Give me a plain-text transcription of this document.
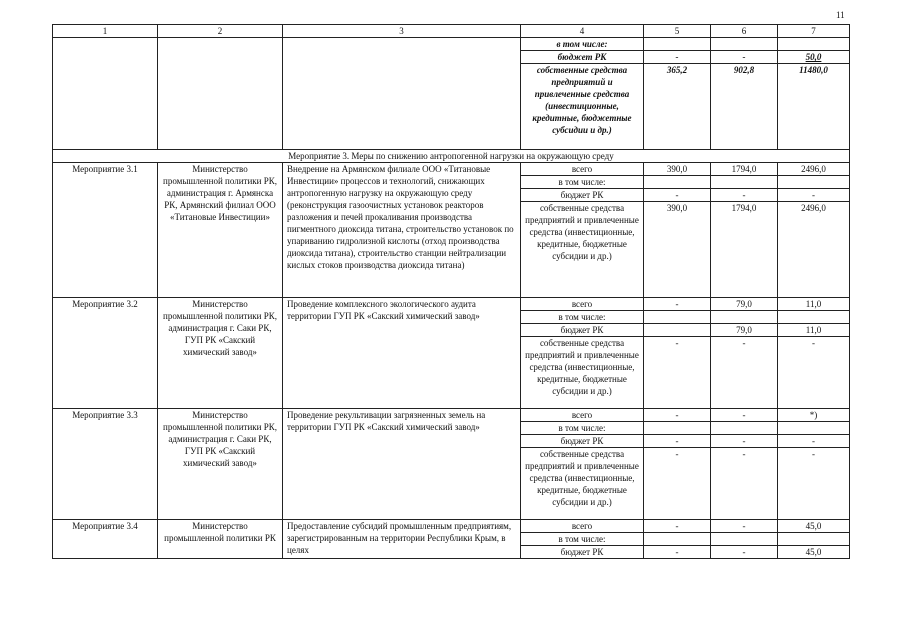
11
1	2	3	4	5	6	7
			в том числе:			
			бюджет РК	-	-	50,0
			собственные средства предприятий и привлеченные средства (инвестиционные, кредитные, бюджетные субсидии и др.)	365,2	902,8	11480,0
Мероприятие 3. Меры по снижению антропогенной нагрузки на окружающую среду						
Мероприятие 3.1	Министерство промышленной политики РК, администрация г. Армянска РК, Армянский филиал ООО «Титановые Инвестиции»	Внедрение на Армянском филиале ООО «Титановые Инвестиции» процессов и технологий, снижающих антропогенную нагрузку на окружающую среду (реконструкция газоочистных установок реакторов разложения и печей прокаливания производства пигментного диоксида титана, строительство установок по упариванию гидролизной кислоты (отход производства диоксида титана), строительство станции нейтрализации кислых стоков производства диоксида титана)	всего	390,0	1794,0	2496,0
			в том числе:			
			бюджет РК	-	-	-
			собственные средства предприятий и привлеченные средства (инвестиционные, кредитные, бюджетные субсидии и др.)	390,0	1794,0	2496,0
Мероприятие 3.2	Министерство промышленной политики РК, администрация г. Саки РК, ГУП РК «Сакский химический завод»	Проведение комплексного экологического аудита территории ГУП РК «Сакский химический завод»	всего	-	79,0	11,0
			в том числе:			
			бюджет РК		79,0	11,0
			собственные средства предприятий и привлеченные средства (инвестиционные, кредитные, бюджетные субсидии и др.)	-	-	-
Мероприятие 3.3	Министерство промышленной политики РК, администрация г. Саки РК, ГУП РК «Сакский химический завод»	Проведение рекультивации загрязненных земель на территории ГУП РК «Сакский химический завод»	всего	-	-	*)
			в том числе:			
			бюджет РК	-	-	-
			собственные средства предприятий и привлеченные средства (инвестиционные, кредитные, бюджетные субсидии и др.)	-	-	-
Мероприятие 3.4	Министерство промышленной политики РК	Предоставление субсидий промышленным предприятиям, зарегистрированным на территории Республики Крым, в целях	всего	-	-	45,0
			в том числе:			
			бюджет РК	-	-	45,0
